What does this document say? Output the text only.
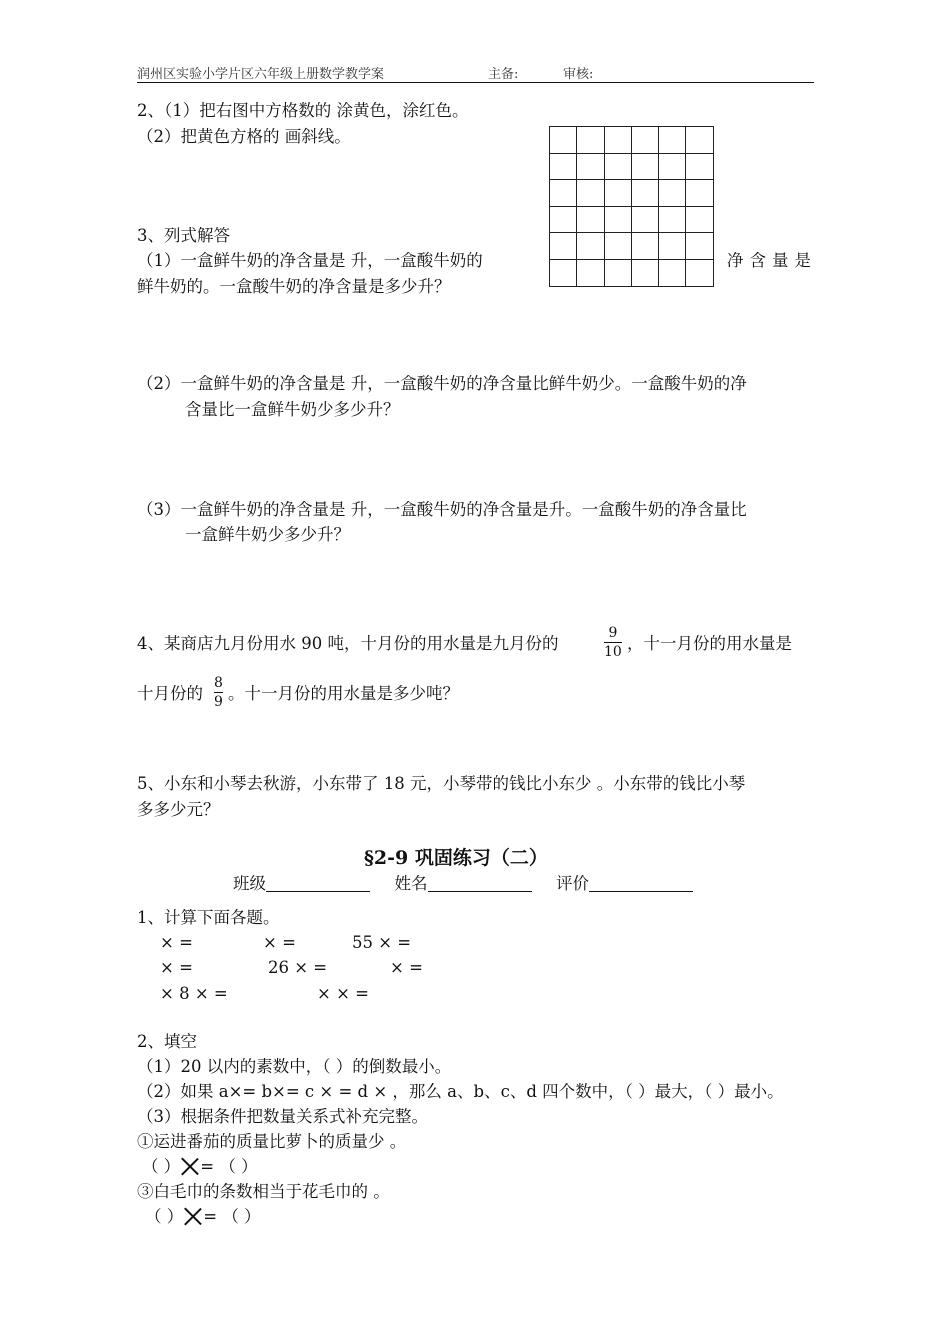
润州区实验小学片区六年级上册数学教学案	主备:	审核:
2、（1）把右图中方格数的 涂黄色，涂红色。
（2）把黄色方格的 画斜线。

3、列式解答
（1）一盒鲜牛奶的净含量是 升，一盒酸牛奶的	净含量是
鲜牛奶的。一盒酸牛奶的净含量是多少升？
（2）一盒鲜牛奶的净含量是 升，一盒酸牛奶的净含量比鲜牛奶少。一盒酸牛奶的净
含量比一盒鲜牛奶少多少升？
（3）一盒鲜牛奶的净含量是 升，一盒酸牛奶的净含量是升。一盒酸牛奶的净含量比
一盒鲜牛奶少多少升？
4、某商店九月份用水 90 吨，十月份的用水量是九月份的
9
10 ，十一月份的用水量是
十月份的
8
9 。十一月份的用水量是多少吨？
5、小东和小琴去秋游，小东带了 18 元，小琴带的钱比小东少 。小东带的钱比小琴
多多少元？
§2-9 巩固练习（二）
班级	姓名	评价
1、计算下面各题。
× =	× =	55 × =
× =	26 × =	× =
× 8 × =	× × =
2、填空
（1）20 以内的素数中，（ ）的倒数最小。
（2）如果 a×= b×= c × = d × ，那么 a、b、c、d 四个数中，（ ）最大，（ ）最小。
（3）根据条件把数量关系式补充完整。
①运进番茄的质量比萝卜的质量少 。
（ ） = （ ）
③白毛巾的条数相当于花毛巾的 。
（ ） = （ ）
